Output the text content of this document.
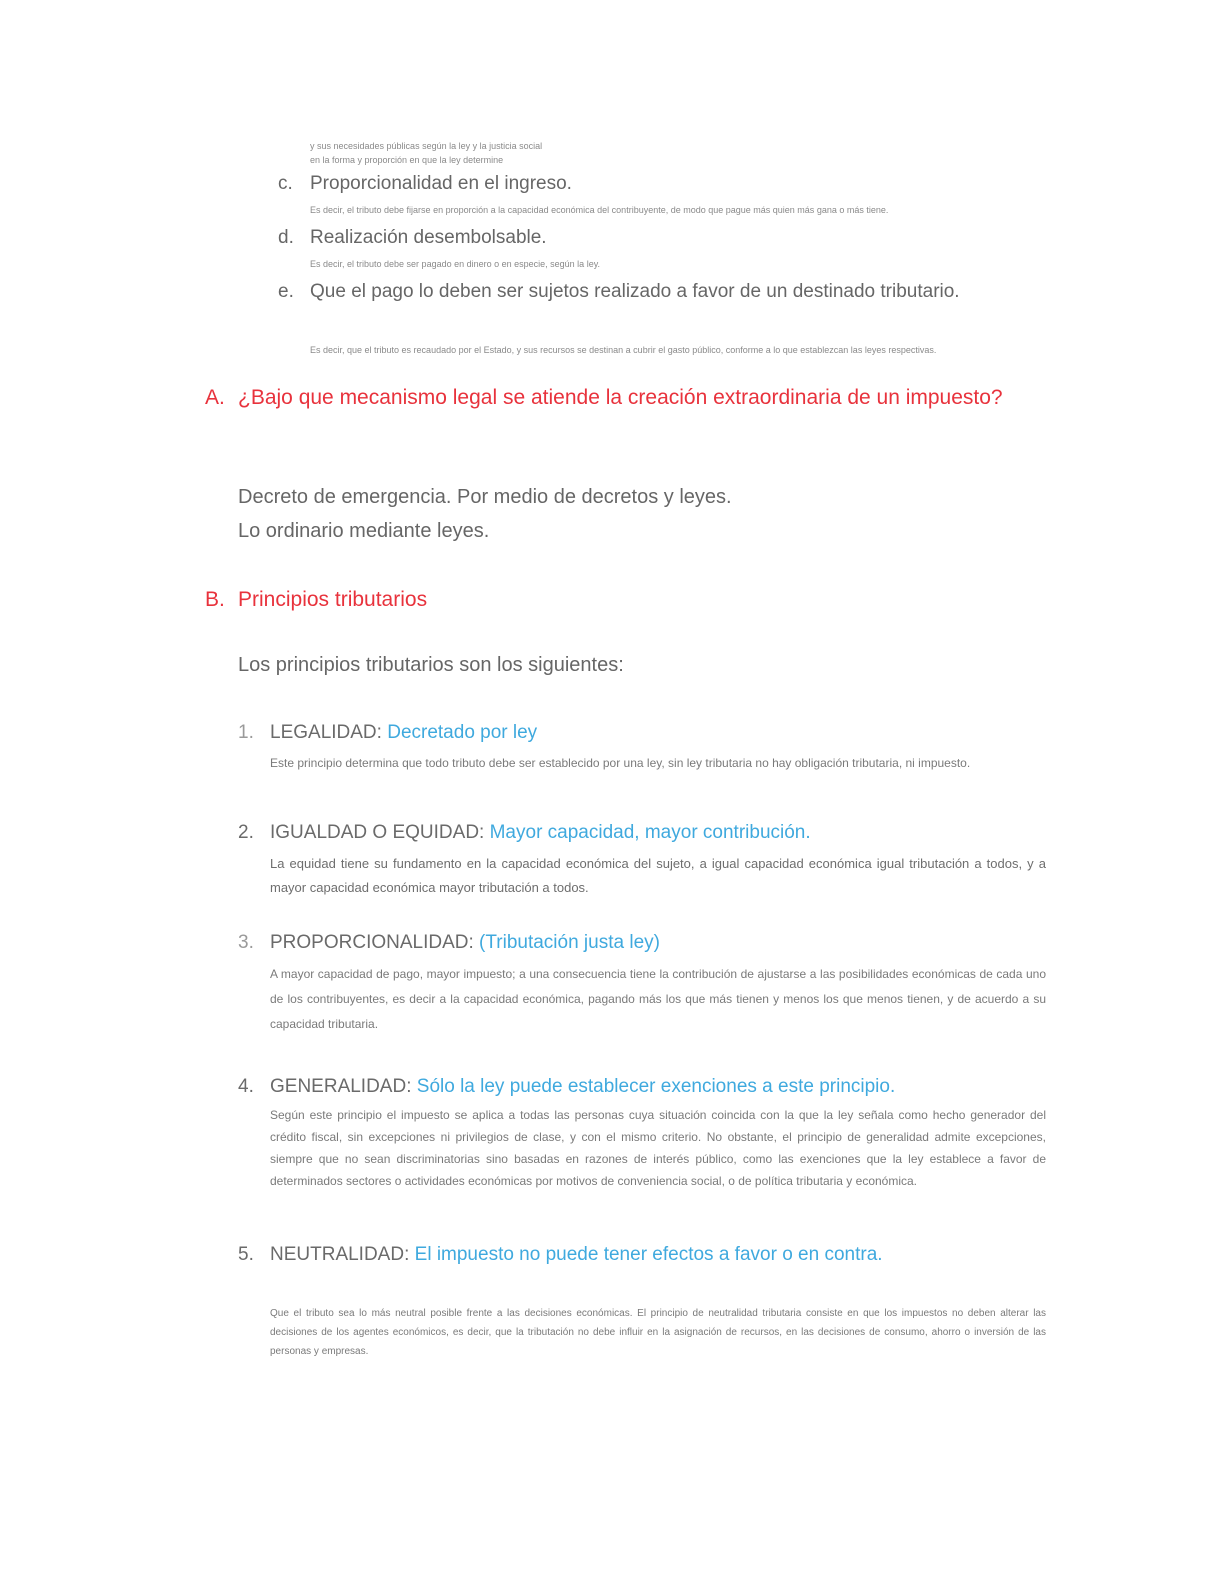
y sus necesidades públicas según la ley y la justicia social
en la forma y proporción en que la ley determine
c. Proporcionalidad en el ingreso.
Es decir, el tributo debe fijarse en proporción a la capacidad económica del contribuyente, de modo que pague más quien más gana o más tiene.
d. Realización desembolsable.
Es decir, el tributo debe ser pagado en dinero o en especie, según la ley.
e. Que el pago lo deben ser sujetos realizado a favor de un destinado tributario.
Es decir, que el tributo es recaudado por el Estado, y sus recursos se destinan a cubrir el gasto público, conforme a lo que establezcan las leyes respectivas.
A. ¿Bajo que mecanismo legal se atiende la creación extraordinaria de un impuesto?
Decreto de emergencia. Por medio de decretos y leyes.
Lo ordinario mediante leyes.
B. Principios tributarios
Los principios tributarios son los siguientes:
1. LEGALIDAD: Decretado por ley
Este principio determina que todo tributo debe ser establecido por una ley, sin ley tributaria no hay obligación tributaria, ni impuesto.
2. IGUALDAD O EQUIDAD: Mayor capacidad, mayor contribución.
La equidad tiene su fundamento en la capacidad económica del sujeto, a igual capacidad económica igual tributación a todos, y a mayor capacidad económica mayor tributación a todos.
3. PROPORCIONALIDAD: (Tributación justa ley)
A mayor capacidad de pago, mayor impuesto; a una consecuencia tiene la contribución de ajustarse a las posibilidades económicas de cada uno de los contribuyentes, es decir a la capacidad económica, pagando más los que más tienen y menos los que menos tienen, y de acuerdo a su capacidad tributaria.
4. GENERALIDAD: Sólo la ley puede establecer exenciones a este principio.
Según este principio el impuesto se aplica a todas las personas cuya situación coincida con la que la ley señala como hecho generador del crédito fiscal, sin excepciones ni privilegios de clase, y con el mismo criterio. No obstante, el principio de generalidad admite excepciones, siempre que no sean discriminatorias sino basadas en razones de interés público, como las exenciones que la ley establece a favor de determinados sectores o actividades económicas por motivos de conveniencia social, o de política tributaria y económica.
5. NEUTRALIDAD: El impuesto no puede tener efectos a favor o en contra.
Que el tributo sea lo más neutral posible frente a las decisiones económicas. El principio de neutralidad tributaria consiste en que los impuestos no deben alterar las decisiones de los agentes económicos, es decir, que la tributación no debe influir en la asignación de recursos, en las decisiones de consumo, ahorro o inversión de las personas y empresas.
